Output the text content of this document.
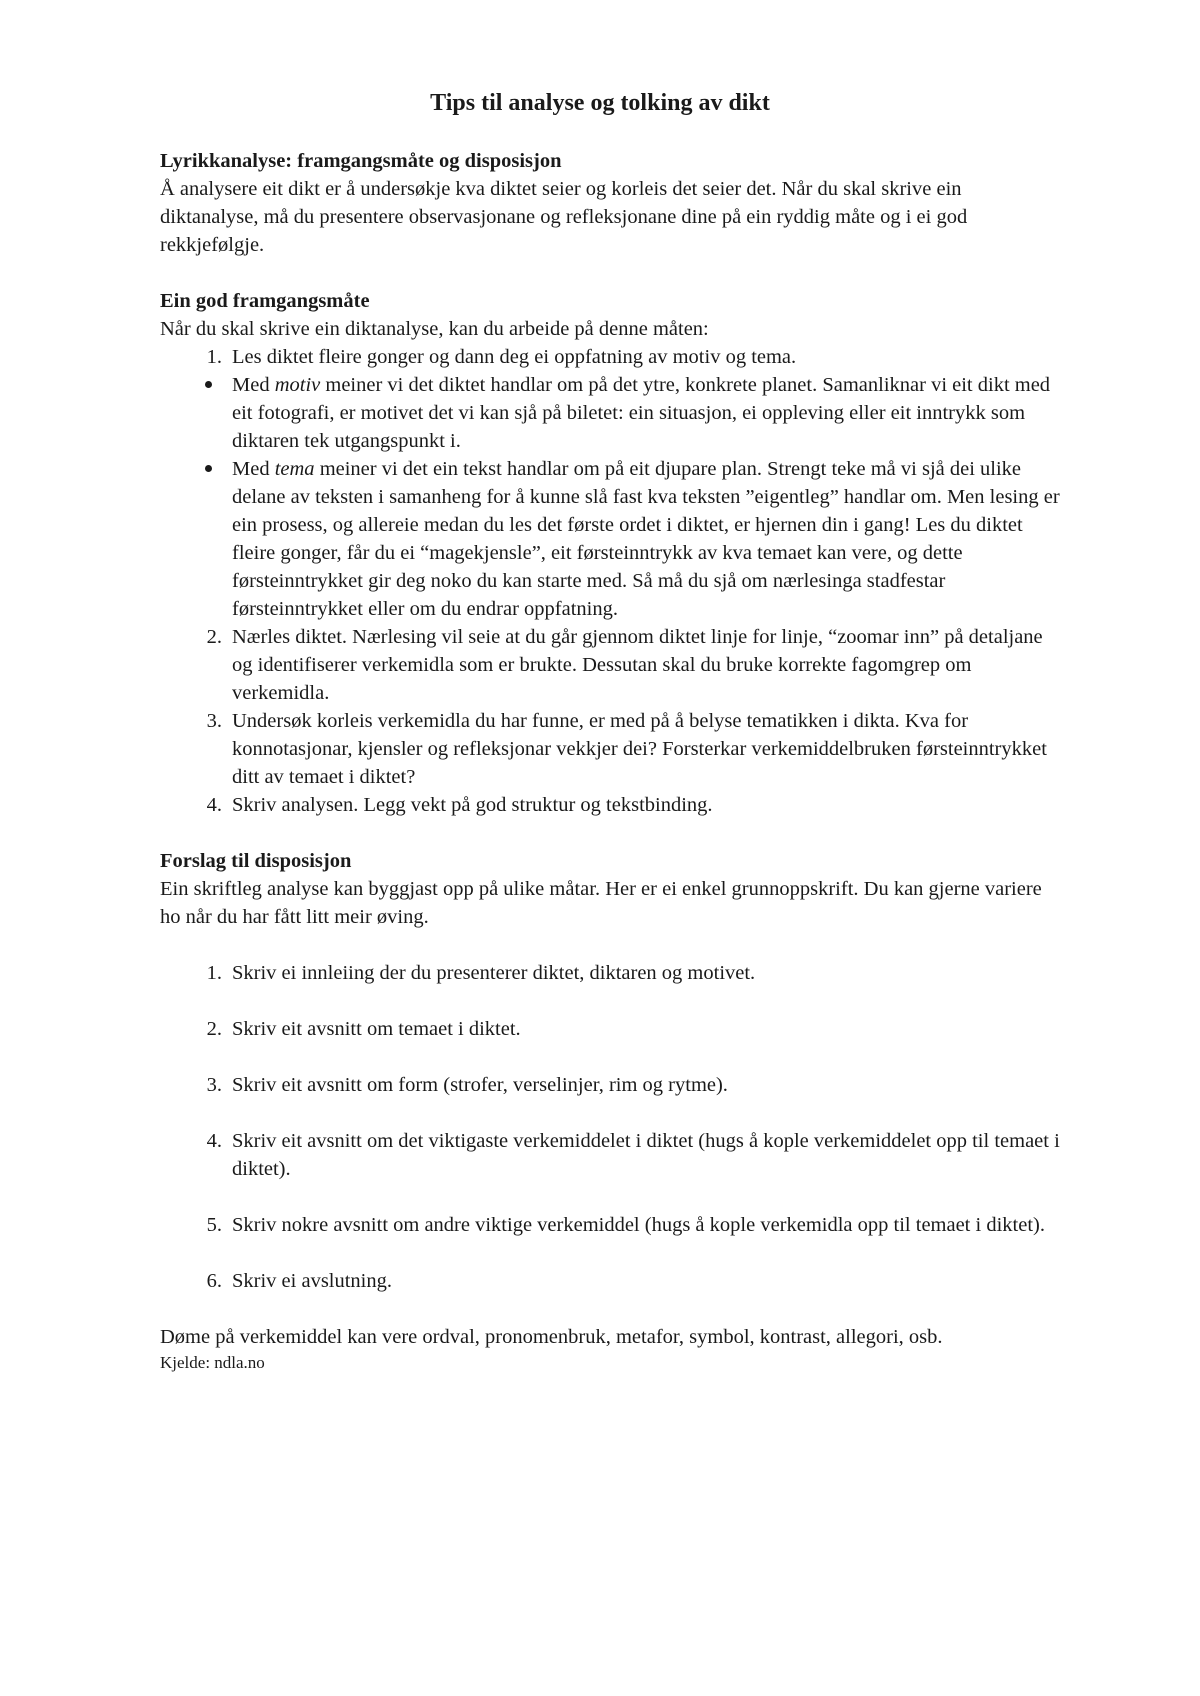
Tips til analyse og tolking av dikt
Lyrikkanalyse: framgangsmåte og disposisjon

Å analysere eit dikt er å undersøkje kva diktet seier og korleis det seier det. Når du skal skrive ein diktanalyse, må du presentere observasjonane og refleksjonane dine på ein ryddig måte og i ei god rekkjefølgje.

Ein god framgangsmåte

Når du skal skrive ein diktanalyse, kan du arbeide på denne måten:

1. Les diktet fleire gonger og dann deg ei oppfatning av motiv og tema.
Med motiv meiner vi det diktet handlar om på det ytre, konkrete planet. Samanliknar vi eit dikt med eit fotografi, er motivet det vi kan sjå på biletet: ein situasjon, ei oppleving eller eit inntrykk som diktaren tek utgangspunkt i.
Med tema meiner vi det ein tekst handlar om på eit djupare plan. Strengt teke må vi sjå dei ulike delane av teksten i samanheng for å kunne slå fast kva teksten ”eigentleg” handlar om. Men lesing er ein prosess, og allereie medan du les det første ordet i diktet, er hjernen din i gang! Les du diktet fleire gonger, får du ei “magekjensle”, eit førsteinntrykk av kva temaet kan vere, og dette førsteinntrykket gir deg noko du kan starte med. Så må du sjå om nærlesinga stadfestar førsteinntrykket eller om du endrar oppfatning.
2. Nærles diktet. Nærlesing vil seie at du går gjennom diktet linje for linje, “zoomar inn” på detaljane og identifiserer verkemidla som er brukte. Dessutan skal du bruke korrekte fagomgrep om verkemidla.
3. Undersøk korleis verkemidla du har funne, er med på å belyse tematikken i dikta. Kva for konnotasjonar, kjensler og refleksjonar vekkjer dei? Forsterkar verkemiddelbruken førsteinntrykket ditt av temaet i diktet?
4. Skriv analysen. Legg vekt på god struktur og tekstbinding.
Forslag til disposisjon

Ein skriftleg analyse kan byggjast opp på ulike måtar. Her er ei enkel grunnoppskrift. Du kan gjerne variere ho når du har fått litt meir øving.

1. Skriv ei innleiing der du presenterer diktet, diktaren og motivet.
2. Skriv eit avsnitt om temaet i diktet.
3. Skriv eit avsnitt om form (strofer, verselinjer, rim og rytme).
4. Skriv eit avsnitt om det viktigaste verkemiddelet i diktet (hugs å kople verkemiddelet opp til temaet i diktet).
5. Skriv nokre avsnitt om andre viktige verkemiddel (hugs å kople verkemidla opp til temaet i diktet).
6. Skriv ei avslutning.

Døme på verkemiddel kan vere ordval, pronomenbruk, metafor, symbol, kontrast, allegori, osb.

Kjelde: ndla.no
